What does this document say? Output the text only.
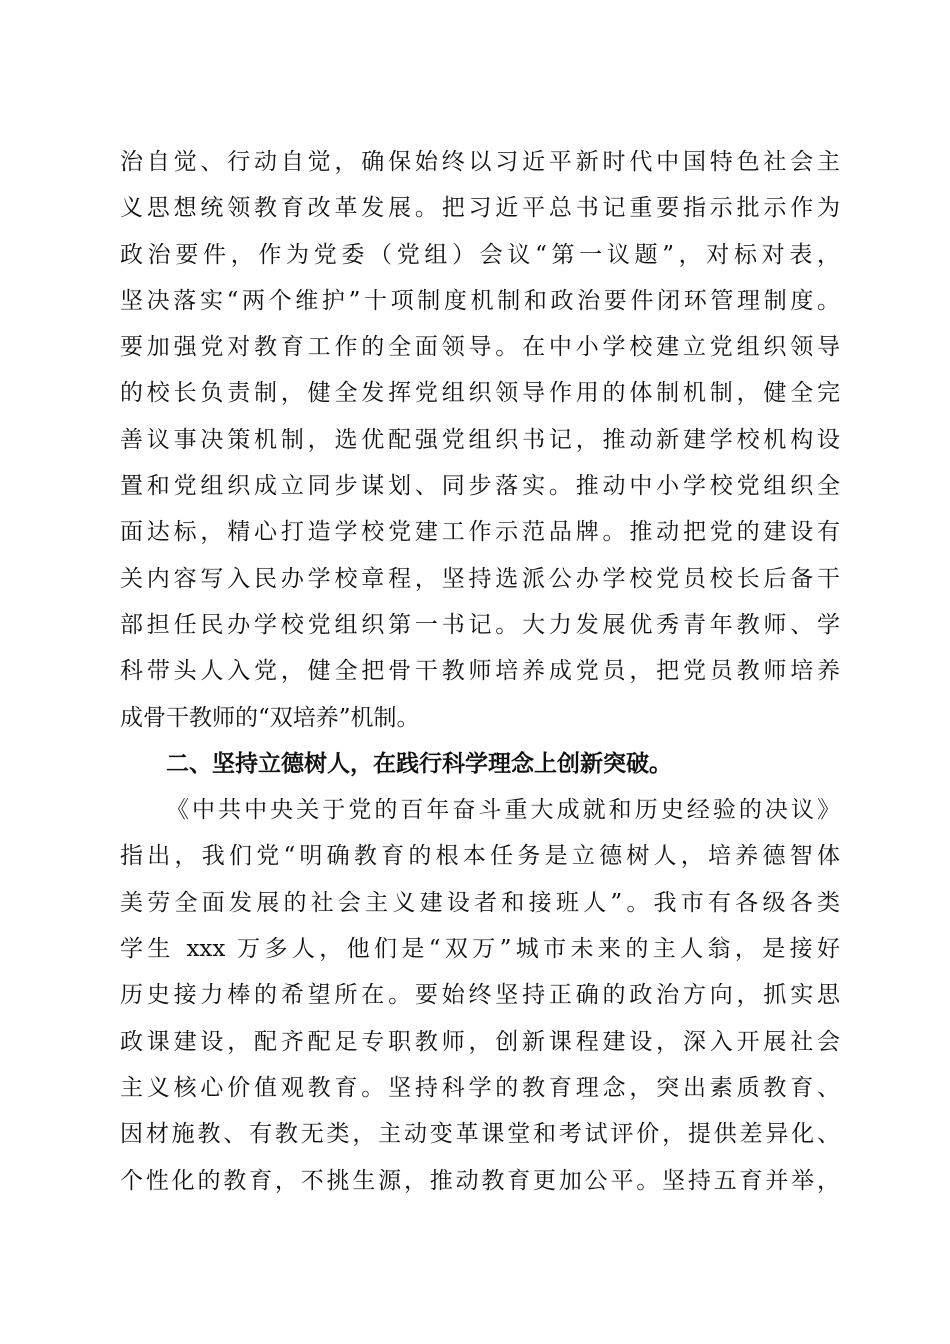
治自觉、行动自觉，确保始终以习近平新时代中国特色社会主
义思想统领教育改革发展。把习近平总书记重要指示批示作为
政治要件，作为党委（党组）会议“第一议题”，对标对表，
坚决落实“两个维护”十项制度机制和政治要件闭环管理制度。
要加强党对教育工作的全面领导。在中小学校建立党组织领导
的校长负责制，健全发挥党组织领导作用的体制机制，健全完
善议事决策机制，选优配强党组织书记，推动新建学校机构设
置和党组织成立同步谋划、同步落实。推动中小学校党组织全
面达标，精心打造学校党建工作示范品牌。推动把党的建设有
关内容写入民办学校章程，坚持选派公办学校党员校长后备干
部担任民办学校党组织第一书记。大力发展优秀青年教师、学
科带头人入党，健全把骨干教师培养成党员，把党员教师培养
成骨干教师的“双培养”机制。
二、坚持立德树人，在践行科学理念上创新突破。
《中共中央关于党的百年奋斗重大成就和历史经验的决议》
指出，我们党“明确教育的根本任务是立德树人，培养德智体
美劳全面发展的社会主义建设者和接班人”。我市有各级各类
学生 xxx 万多人，他们是“双万”城市未来的主人翁，是接好
历史接力棒的希望所在。要始终坚持正确的政治方向，抓实思
政课建设，配齐配足专职教师，创新课程建设，深入开展社会
主义核心价值观教育。坚持科学的教育理念，突出素质教育、
因材施教、有教无类，主动变革课堂和考试评价，提供差异化、
个性化的教育，不挑生源，推动教育更加公平。坚持五育并举，
